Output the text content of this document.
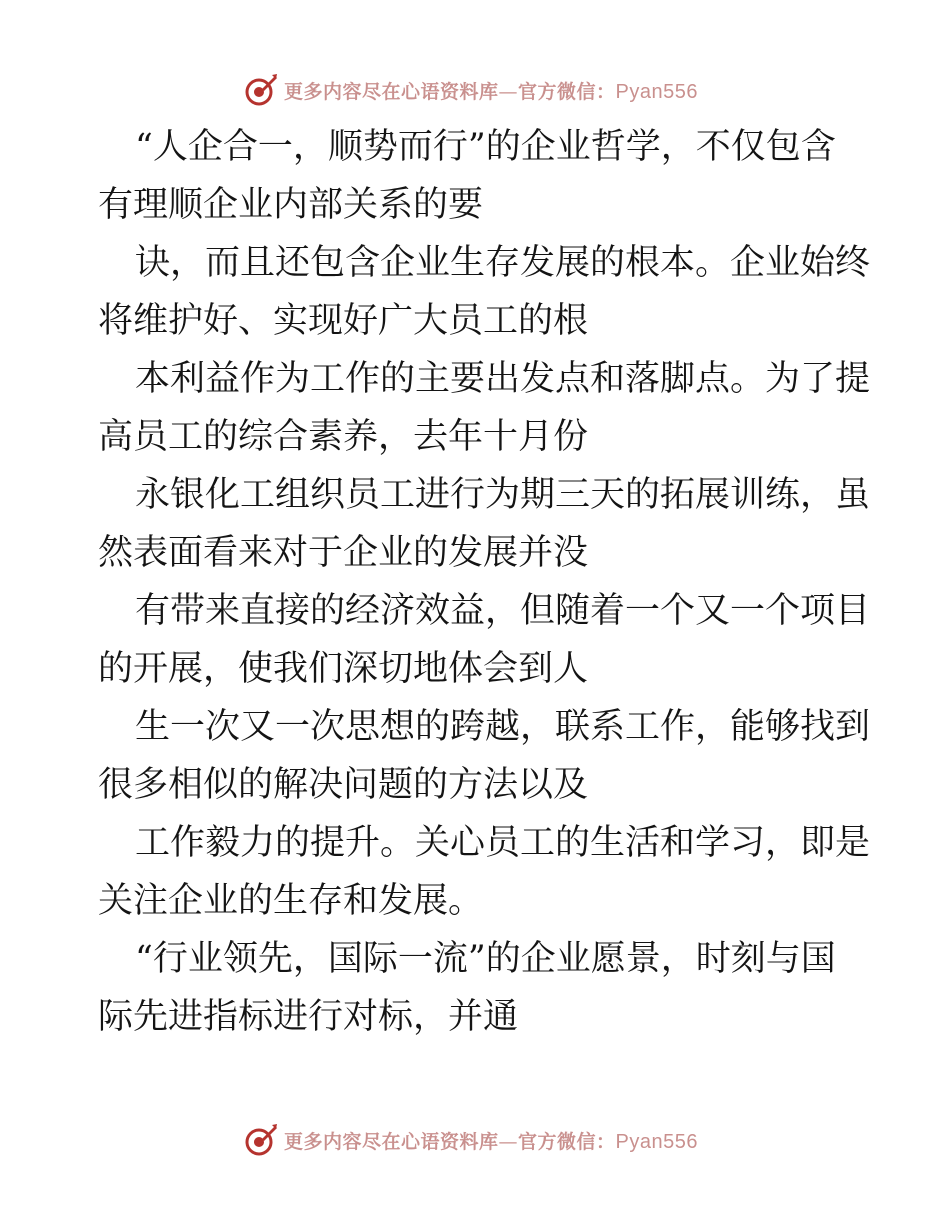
更多内容尽在心语资料库—官方微信：Pyan556
“人企合一，顺势而行”的企业哲学，不仅包含
有理顺企业内部关系的要
诀，而且还包含企业生存发展的根本。企业始终
将维护好、实现好广大员工的根
本利益作为工作的主要出发点和落脚点。为了提
高员工的综合素养，去年十月份
永银化工组织员工进行为期三天的拓展训练，虽
然表面看来对于企业的发展并没
有带来直接的经济效益，但随着一个又一个项目
的开展，使我们深切地体会到人
生一次又一次思想的跨越，联系工作，能够找到
很多相似的解决问题的方法以及
工作毅力的提升。关心员工的生活和学习，即是
关注企业的生存和发展。
“行业领先，国际一流”的企业愿景，时刻与国
际先进指标进行对标，并通
更多内容尽在心语资料库—官方微信：Pyan556
